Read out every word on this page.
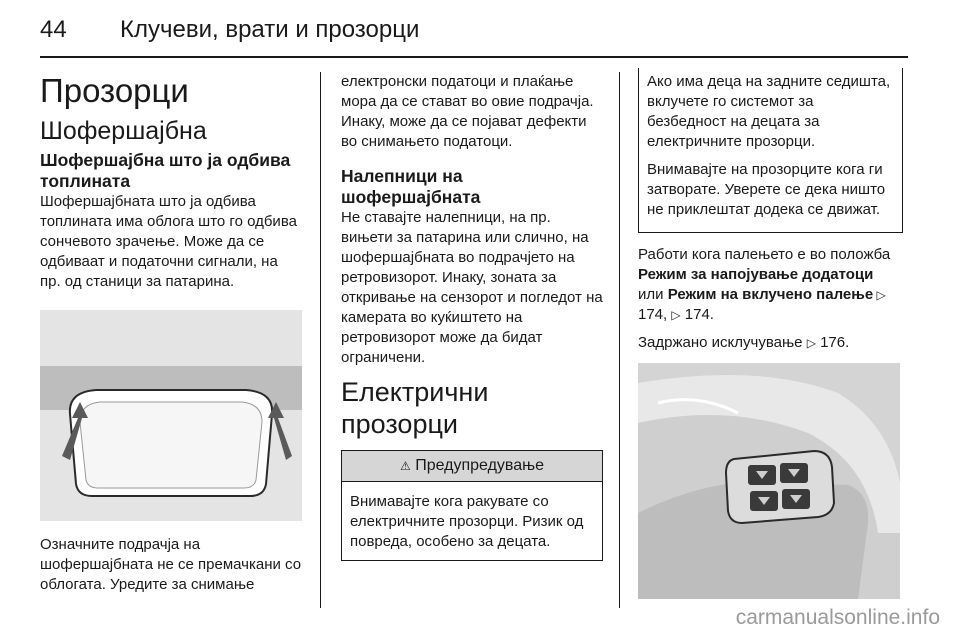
44 Клучеви, врати и прозорци
Прозорци
Шофершајбна
Шофершајбна што ја одбива топлината

Шофершајбната што ја одбива топлината има облога што го одбива сончевото зрачење. Може да се одбиваат и податочни сигнали, на пр. од станици за патарина.

Означните подрачја на шофершајбната не се премачкани со облогата. Уредите за снимање

електронски податоци и плаќање мора да се стават во овие подрачја. Инаку, може да се појават дефекти во снимањето податоци.

Налепници на шофершајбната

Не ставајте налепници, на пр. вињети за патарина или слично, на шофершајбната во подрачјето на ретровизорот. Инаку, зоната за откривање на сензорот и погледот на камерата во куќиштето на ретровизорот може да бидат ограничени.

Електрични прозорци
⚠ Предупредување

Внимавајте кога ракувате со електричните прозорци. Ризик од повреда, особено за децата.

Ако има деца на задните седишта, вклучете го системот за безбедност на децата за електричните прозорци.

Внимавајте на прозорците кога ги затворате. Уверете се дека ништо не приклештат додека се движат.

Работи кога палењето е во положба Режим за напојување додатоци или Режим на вклучено палење ▷ 174, ▷ 174.

Задржано исклучување ▷ 176.

carmanualsonline.info
